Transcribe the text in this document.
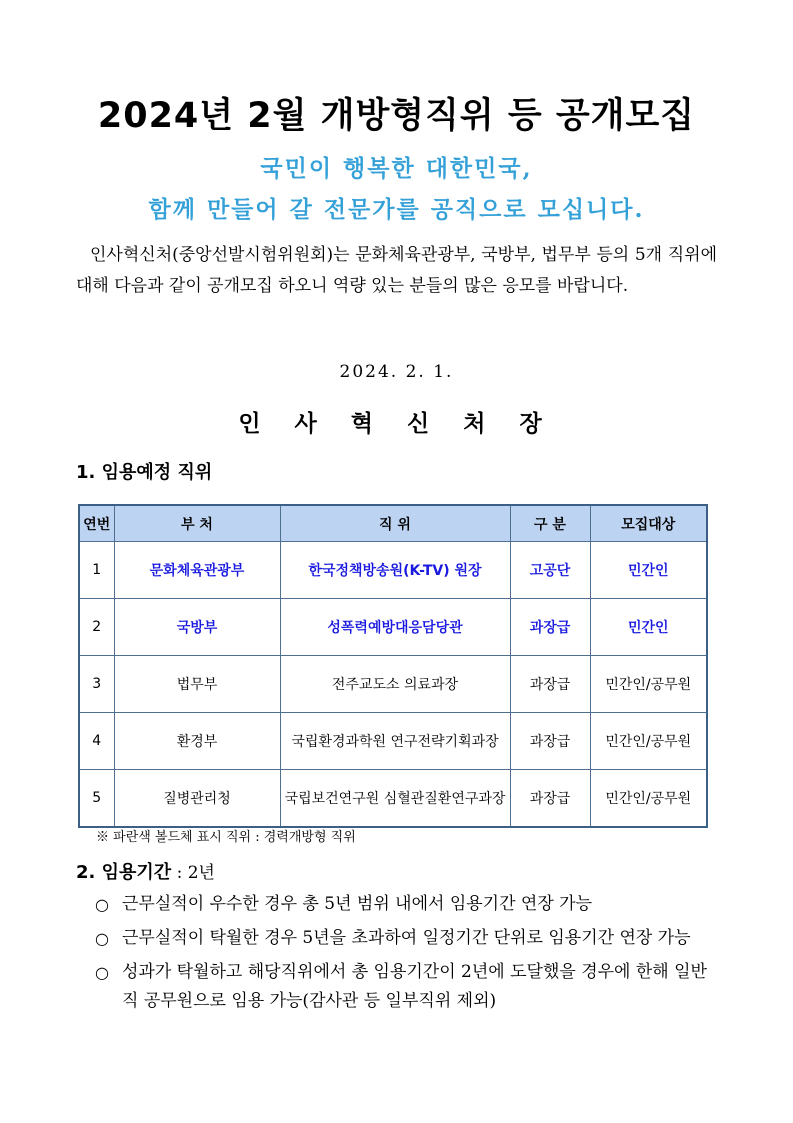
2024년 2월 개방형직위 등 공개모집
국민이 행복한 대한민국,
함께 만들어 갈 전문가를 공직으로 모십니다.
인사혁신처(중앙선발시험위원회)는 문화체육관광부, 국방부, 법무부 등의 5개 직위에 대해 다음과 같이 공개모집 하오니 역량 있는 분들의 많은 응모를 바랍니다.
2024. 2. 1.
인 사 혁 신 처 장
1. 임용예정 직위
연번	부 처	직 위	구 분	모집대상
1	문화체육관광부	한국정책방송원(K-TV) 원장	고공단	민간인
2	국방부	성폭력예방대응담당관	과장급	민간인
3	법무부	전주교도소 의료과장	과장급	민간인/공무원
4	환경부	국립환경과학원 연구전략기획과장	과장급	민간인/공무원
5	질병관리청	국립보건연구원 심혈관질환연구과장	과장급	민간인/공무원
※ 파란색 볼드체 표시 직위 : 경력개방형 직위
2. 임용기간 : 2년
○ 근무실적이 우수한 경우 총 5년 범위 내에서 임용기간 연장 가능
○ 근무실적이 탁월한 경우 5년을 초과하여 일정기간 단위로 임용기간 연장 가능
○ 성과가 탁월하고 해당직위에서 총 임용기간이 2년에 도달했을 경우에 한해 일반직 공무원으로 임용 가능(감사관 등 일부직위 제외)
